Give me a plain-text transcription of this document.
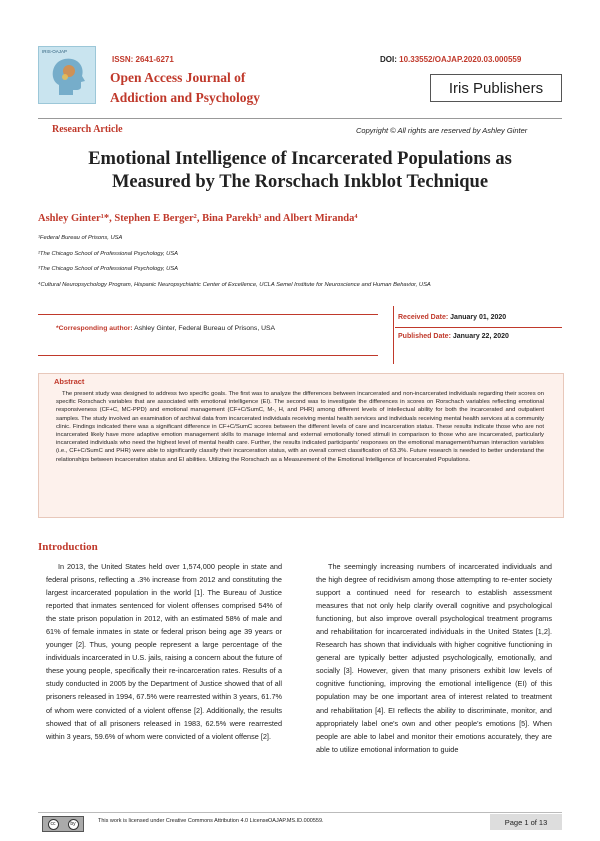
IRIS-OAJAP
ISSN: 2641-6271
Open Access Journal of
Addiction and Psychology
DOI: 10.33552/OAJAP.2020.03.000559
Iris Publishers
Research Article	Copyright © All rights are reserved by Ashley Ginter
Emotional Intelligence of Incarcerated Populations as
Measured by The Rorschach Inkblot Technique
Ashley Ginter¹*, Stephen E Berger², Bina Parekh³ and Albert Miranda⁴
¹Federal Bureau of Prisons, USA
²The Chicago School of Professional Psychology, USA
³The Chicago School of Professional Psychology, USA
⁴Cultural Neuropsychology Program, Hispanic Neuropsychiatric Center of Excellence, UCLA Semel Institute for Neuroscience and Human Behavior, USA
*Corresponding author: Ashley Ginter, Federal Bureau of Prisons, USA
Received Date: January 01, 2020
Published Date: January 22, 2020
Abstract
The present study was designed to address two specific goals. The first was to analyze the differences between incarcerated and non-incarcerated individuals regarding their scores on specific Rorschach variables that are associated with emotional intelligence (EI). The second was to investigate the differences in scores on Rorschach variables reflecting emotional responsiveness (CF+C, MC-PPD) and emotional management (CF+C/SumC, M-, H, and PHR) among different levels of intellectual ability for both the incarcerated and outpatient samples. The study involved an examination of archival data from incarcerated individuals receiving mental health services and individuals receiving mental health services at a community clinic. Findings indicated there was a significant difference in CF+C/SumC scores between the different levels of care and incarceration status. These results indicate those who are not incarcerated likely have more adaptive emotion management skills to manage internal and external emotionally toned stimuli in comparison to those who are incarcerated, particularly incarcerated individuals who need the highest level of mental health care. Further, the results indicated participants' responses on the emotional management/human interaction variables (i.e., CF+C/SumC and PHR) were able to significantly classify their incarceration status, with an overall correct classification of 63.3%. Future research is needed to better understand the relationships between incarceration status and EI abilities. Utilizing the Rorschach as a Measurement of the Emotional Intelligence of Incarcerated Populations.
Introduction

In 2013, the United States held over 1,574,000 people in state and federal prisons, reflecting a .3% increase from 2012 and constituting the largest incarcerated population in the world [1]. The Bureau of Justice reported that inmates sentenced for violent offenses comprised 54% of the state prison population in 2012, with an estimated 58% of male and 61% of female inmates in state or federal prison being age 39 years or younger [2]. Thus, young people represent a large percentage of the individuals incarcerated in U.S. jails, raising a concern about the future of these young people, specifically their re-incarceration rates. Results of a study conducted in 2005 by the Department of Justice showed that of all prisoners released in 1994, 67.5% were rearrested within 3 years, 61.7% of whom were convicted of a violent offense [2]. Additionally, the results showed that of all prisoners released in 1983, 62.5% were rearrested within 3 years, 59.6% of whom were convicted of a violent offense [2].

The seemingly increasing numbers of incarcerated individuals and the high degree of recidivism among those attempting to re-enter society support a continued need for research to establish assessment measures that not only help clarify overall cognitive and psychological functioning, but also improve overall psychological treatment programs and rehabilitation for incarcerated individuals in the United States [1,2]. Research has shown that individuals with higher cognitive functioning in general are typically better adjusted psychologically, emotionally, and socially [3]. However, given that many prisoners exhibit low levels of cognitive functioning, improving the emotional intelligence (EI) of this population may be one important area of interest related to treatment and rehabilitation [4]. EI reflects the ability to discriminate, monitor, and appropriately label one's own and other people's emotions [5]. When people are able to label and monitor their emotions accurately, they are able to utilize emotional information to guide

cc	by	This work is licensed under Creative Commons Attribution 4.0 License OAJAP.MS.ID.000559.	Page 1 of 13
